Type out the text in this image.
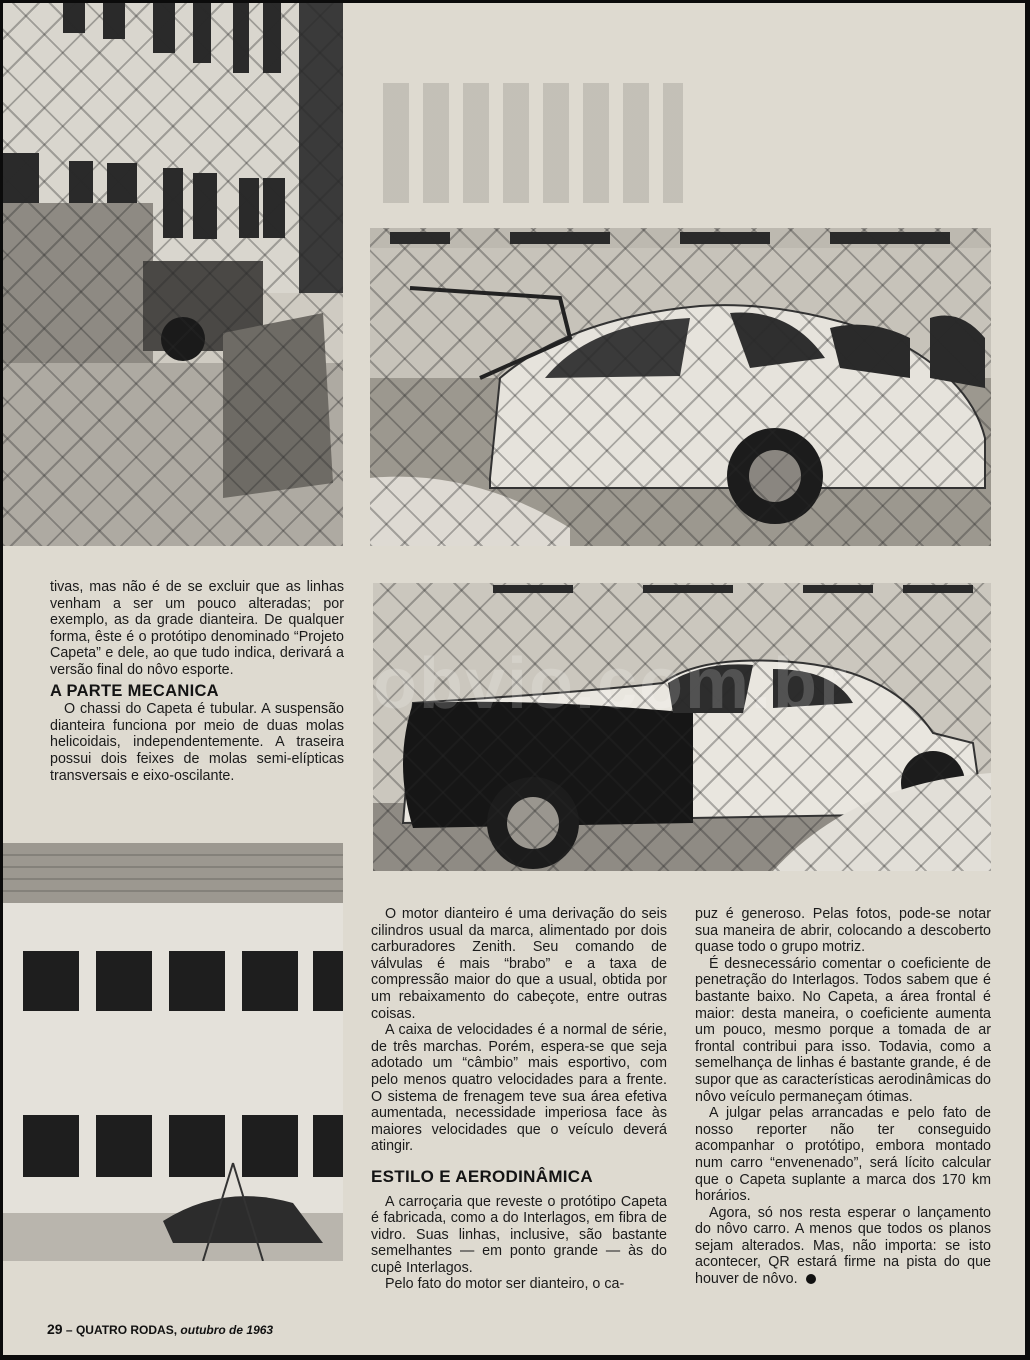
tivas, mas não é de se excluir que as linhas venham a ser um pouco alteradas; por exemplo, as da grade dianteira. De qualquer forma, êste é o protótipo denominado “Projeto Capeta” e dele, ao que tudo indica, derivará a versão final do nôvo esporte.

A PARTE MECANICA

O chassi do Capeta é tubular. A suspensão dianteira funciona por meio de duas molas helicoidais, independentemente. A traseira possui dois feixes de molas semi-elípticas transversais e eixo-oscilante.

O motor dianteiro é uma derivação do seis cilindros usual da marca, alimentado por dois carburadores Zenith. Seu comando de válvulas é mais “brabo” e a taxa de compressão maior do que a usual, obtida por um rebaixamento do cabeçote, entre outras coisas.

A caixa de velocidades é a normal de série, de três marchas. Porém, espera-se que seja adotado um “câmbio” mais esportivo, com pelo menos quatro velocidades para a frente. O sistema de frenagem teve sua área efetiva aumentada, necessidade imperiosa face às maiores velocidades que o veículo deverá atingir.

ESTILO E AERODINÂMICA

A carroçaria que reveste o protótipo Capeta é fabricada, como a do Interlagos, em fibra de vidro. Suas linhas, inclusive, são bastante semelhantes — em ponto grande — às do cupê Interlagos.

Pelo fato do motor ser dianteiro, o ca-

puz é generoso. Pelas fotos, pode-se notar sua maneira de abrir, colocando a descoberto quase todo o grupo motriz.

É desnecessário comentar o coeficiente de penetração do Interlagos. Todos sabem que é bastante baixo. No Capeta, a área frontal é maior: desta maneira, o coeficiente aumenta um pouco, mesmo porque a tomada de ar frontal contribui para isso. Todavia, como a semelhança de linhas é bastante grande, é de supor que as características aerodinâmicas do nôvo veículo permaneçam ótimas.

A julgar pelas arrancadas e pelo fato de nosso reporter não ter conseguido acompanhar o protótipo, embora montado num carro “envenenado”, será lícito calcular que o Capeta suplante a marca dos 170 km horários.

Agora, só nos resta esperar o lançamento do nôvo carro. A menos que todos os planos sejam alterados. Mas, não importa: se isto acontecer, QR estará firme na pista do que houver de nôvo.

29 – QUATRO RODAS, outubro de 1963
